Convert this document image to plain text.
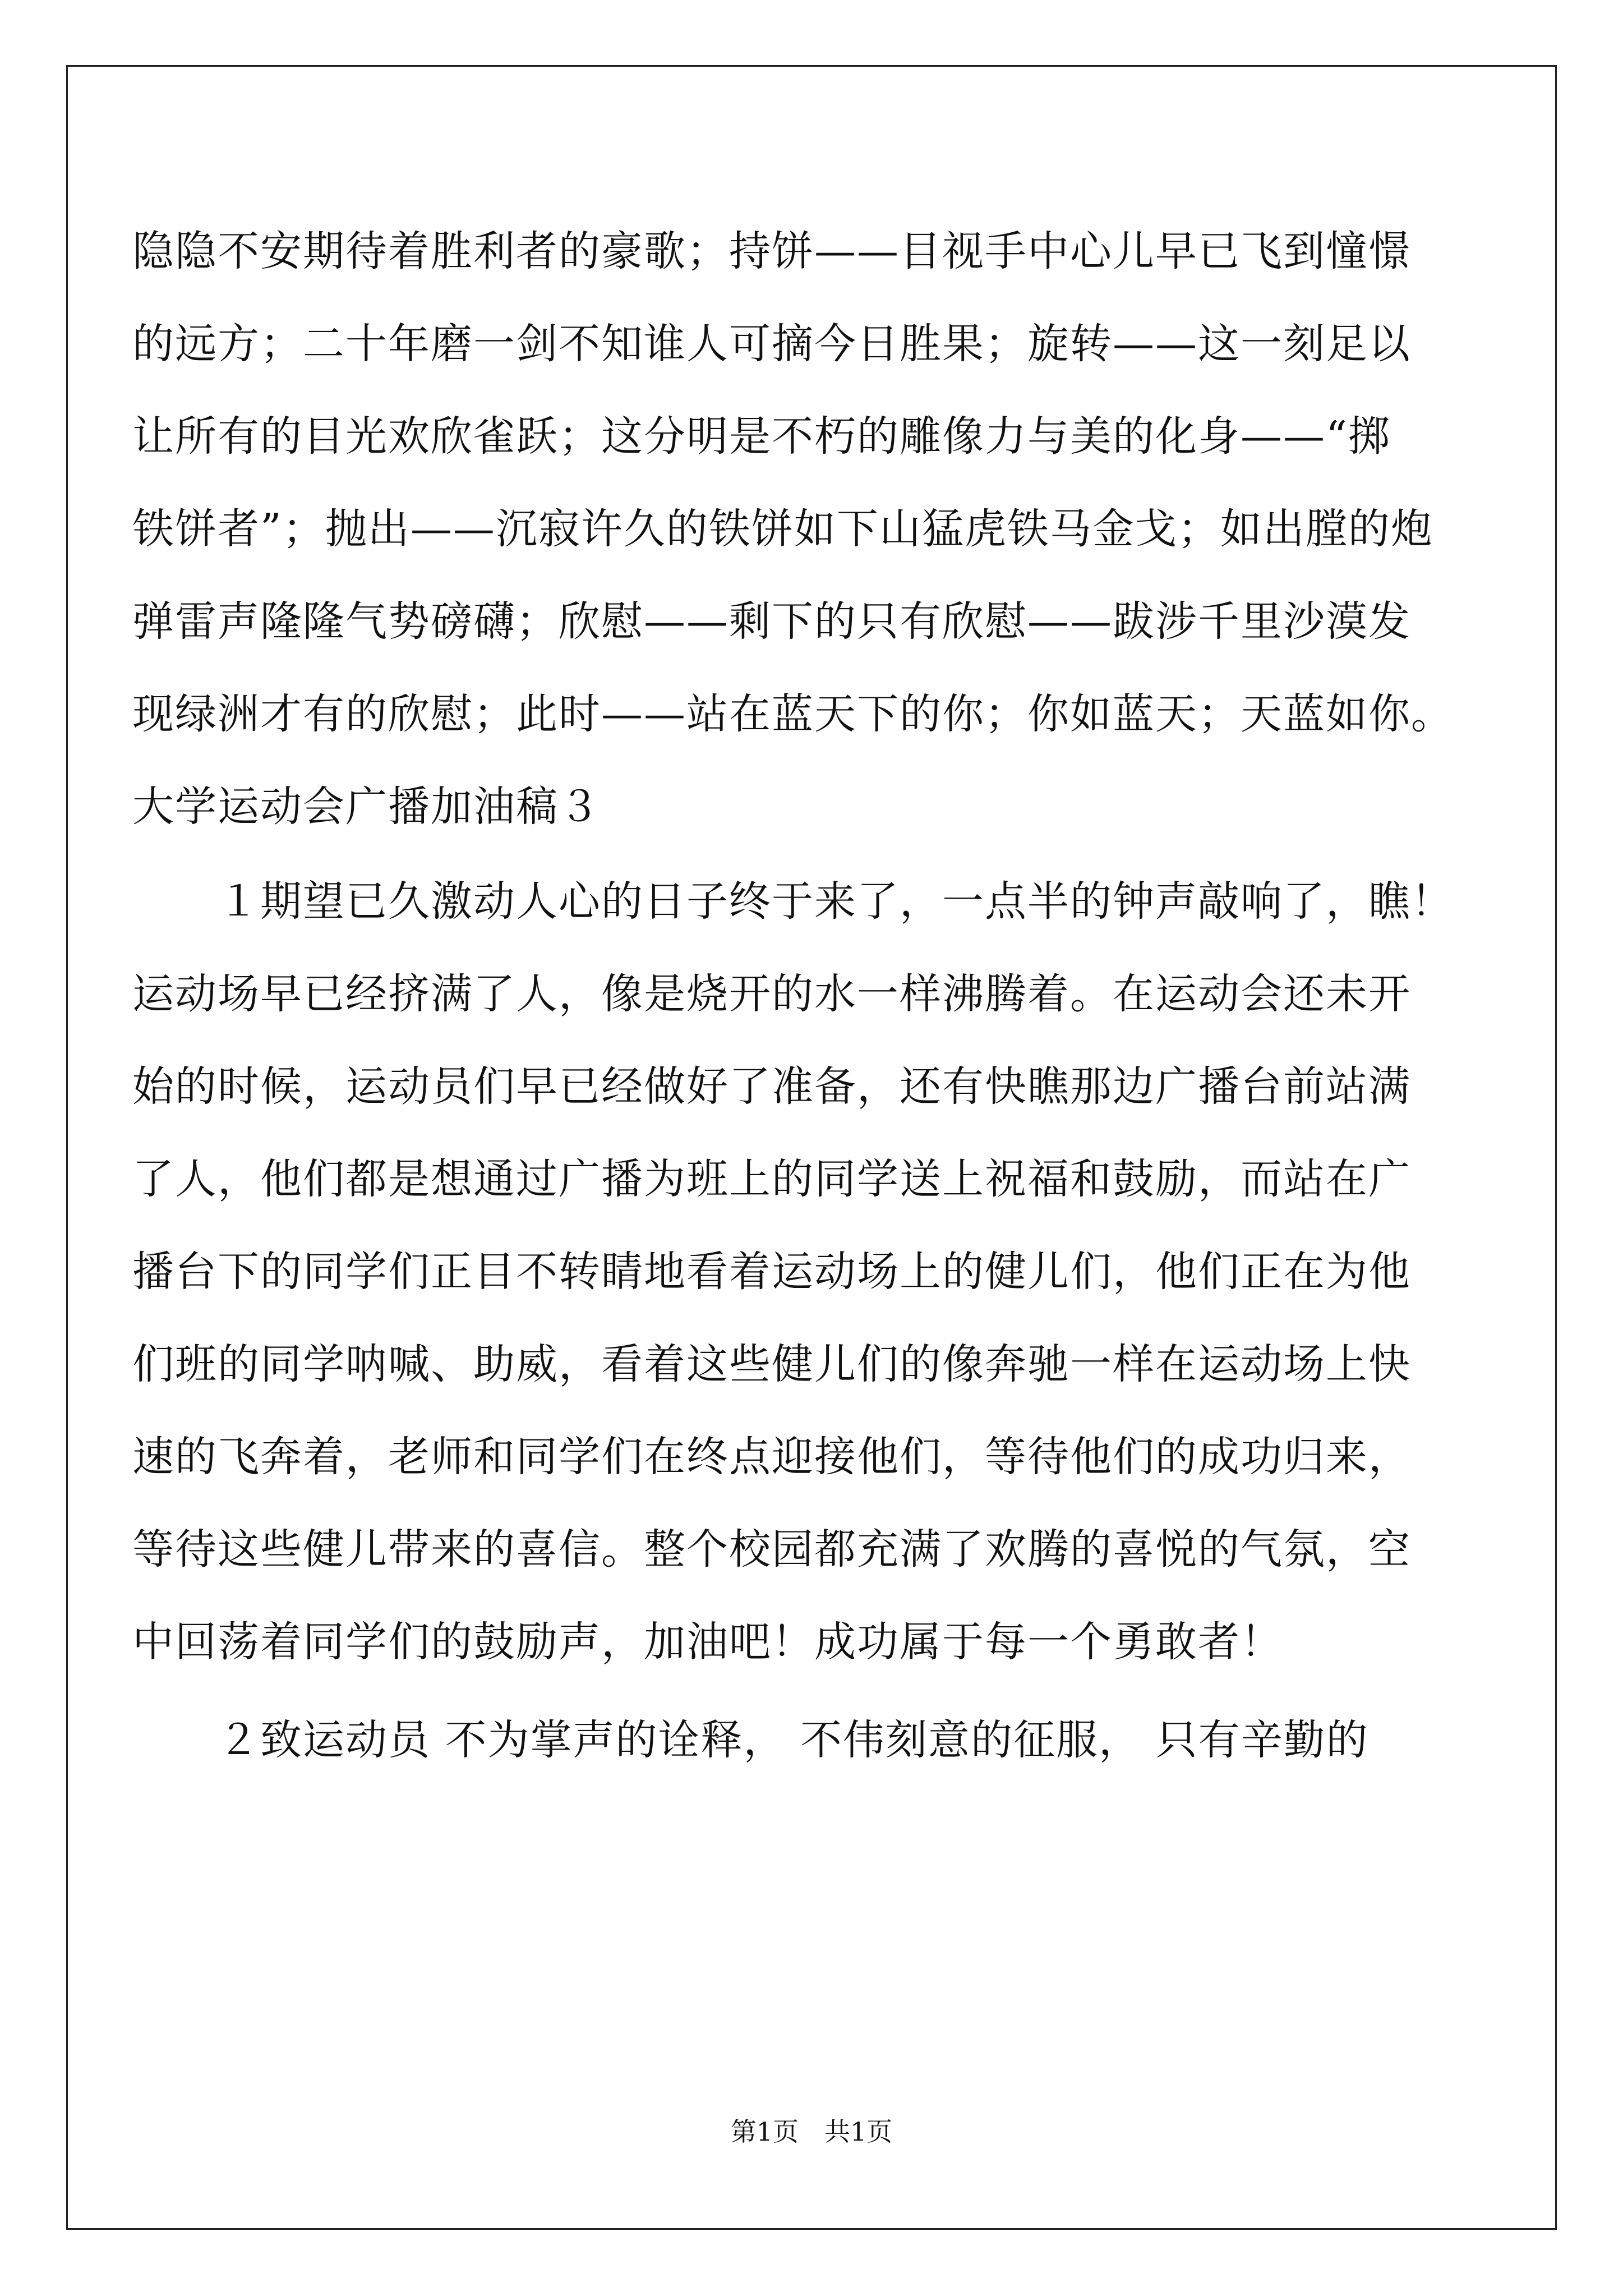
隐隐不安期待着胜利者的豪歌；持饼——目视手中心儿早已飞到憧憬
的远方；二十年磨一剑不知谁人可摘今日胜果；旋转——这一刻足以
让所有的目光欢欣雀跃；这分明是不朽的雕像力与美的化身——“掷
铁饼者”；抛出——沉寂许久的铁饼如下山猛虎铁马金戈；如出膛的炮
弹雷声隆隆气势磅礴；欣慰——剩下的只有欣慰——跋涉千里沙漠发
现绿洲才有的欣慰；此时——站在蓝天下的你；你如蓝天；天蓝如你。
大学运动会广播加油稿３
　　１期望已久激动人心的日子终于来了，一点半的钟声敲响了，瞧！
运动场早已经挤满了人，像是烧开的水一样沸腾着。在运动会还未开
始的时候，运动员们早已经做好了准备，还有快瞧那边广播台前站满
了人，他们都是想通过广播为班上的同学送上祝福和鼓励，而站在广
播台下的同学们正目不转睛地看着运动场上的健儿们，他们正在为他
们班的同学呐喊、助威，看着这些健儿们的像奔驰一样在运动场上快
速的飞奔着，老师和同学们在终点迎接他们，等待他们的成功归来，
等待这些健儿带来的喜信。整个校园都充满了欢腾的喜悦的气氛，空
中回荡着同学们的鼓励声，加油吧！成功属于每一个勇敢者！
　　２致运动员 不为掌声的诠释， 不伟刻意的征服， 只有辛勤的
第1页　共1页
